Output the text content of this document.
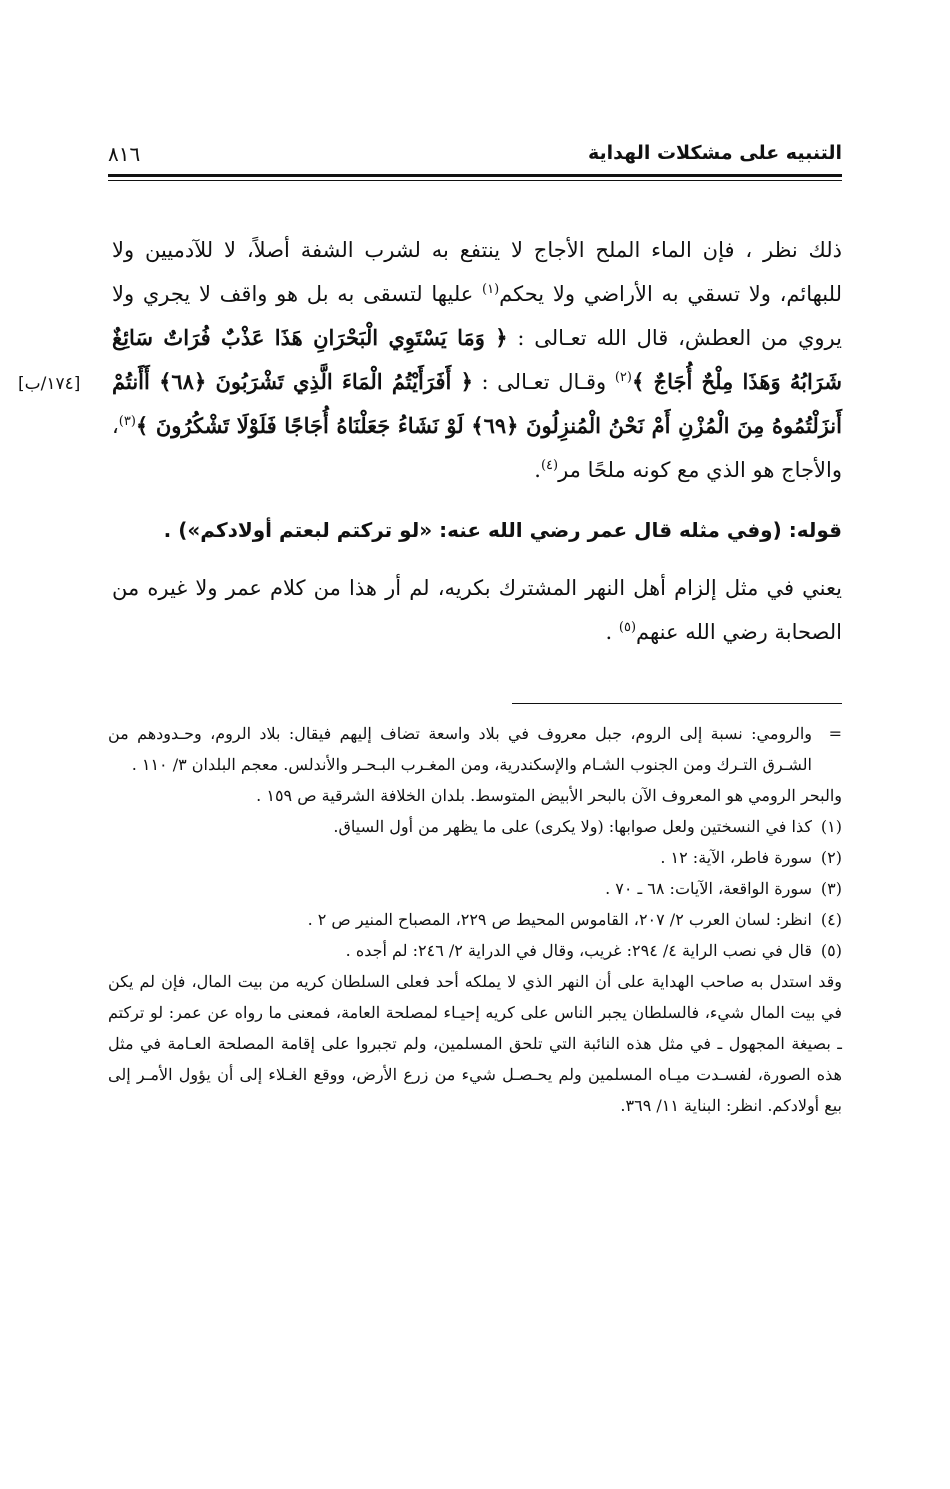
التنبيه على مشكلات الهداية
٨١٦
[١٧٤/ب]

ذلك نظر ، فإن الماء الملح الأجاج لا ينتفع به لشرب الشفة أصلاً، لا للآدميين ولا للبهائم، ولا تسقي به الأراضي ولا يحكم$^{(١)}$ عليها لتسقى به بل هو واقف لا يجري ولا يروي من العطش، قال الله تعـالى : ﴿ وَمَا يَسْتَوِي الْبَحْرَانِ هَذَا عَذْبٌ فُرَاتٌ سَائِغٌ شَرَابُهُ وَهَذَا مِلْحٌ أُجَاجٌ ﴾$^{(٢)}$ وقـال تعـالى : ﴿ أَفَرَأَيْتُمُ الْمَاءَ الَّذِي تَشْرَبُونَ ﴿٦٨﴾ أَأَنتُمْ أَنزَلْتُمُوهُ مِنَ الْمُزْنِ أَمْ نَحْنُ الْمُنزِلُونَ ﴿٦٩﴾ لَوْ نَشَاءُ جَعَلْنَاهُ أُجَاجًا فَلَوْلَا تَشْكُرُونَ ﴾$^{(٣)}$، والأجاج هو الذي مع كونه ملحًا مر$^{(٤)}$.

قوله: (وفي مثله قال عمر رضي الله عنه: «لو تركتم لبعتم أولادكم») .

يعني في مثل إلزام أهل النهر المشترك بكريه، لم أر هذا من كلام عمر ولا غيره من الصحابة رضي الله عنهم$^{(٥)}$ .

=
والرومي: نسبة إلى الروم، جبل معروف في بلاد واسعة تضاف إليهم فيقال: بلاد الروم، وحـدودهم من الشـرق التـرك ومن الجنوب الشـام والإسكندرية، ومن المغـرب البـحـر والأندلس. معجم البلدان ٣/ ١١٠ .
والبحر الرومي هو المعروف الآن بالبحر الأبيض المتوسط. بلدان الخلافة الشرقية ص ١٥٩ .
(١)
كذا في النسختين ولعل صوابها: (ولا يكرى) على ما يظهر من أول السياق.
(٢)
سورة فاطر، الآية: ١٢ .
(٣)
سورة الواقعة، الآيات: ٦٨ ـ ٧٠ .
(٤)
انظر: لسان العرب ٢/ ٢٠٧، القاموس المحيط ص ٢٢٩، المصباح المنير ص ٢ .
(٥)
قال في نصب الراية ٤/ ٢٩٤: غريب، وقال في الدراية ٢/ ٢٤٦: لم أجده .
وقد استدل به صاحب الهداية على أن النهر الذي لا يملكه أحد فعلى السلطان كريه من بيت المال، فإن لم يكن في بيت المال شيء، فالسلطان يجبر الناس على كريه إحيـاء لمصلحة العامة، فمعنى ما رواه عن عمر: لو تركتم ـ بصيغة المجهول ـ في مثل هذه النائبة التي تلحق المسلمين، ولم تجبروا على إقامة المصلحة العـامة في مثل هذه الصورة، لفسـدت ميـاه المسلمين ولم يحـصـل شيء من زرع الأرض، ووقع الغـلاء إلى أن يؤول الأمـر إلى بيع أولادكم. انظر: البناية ١١/ ٣٦٩.
